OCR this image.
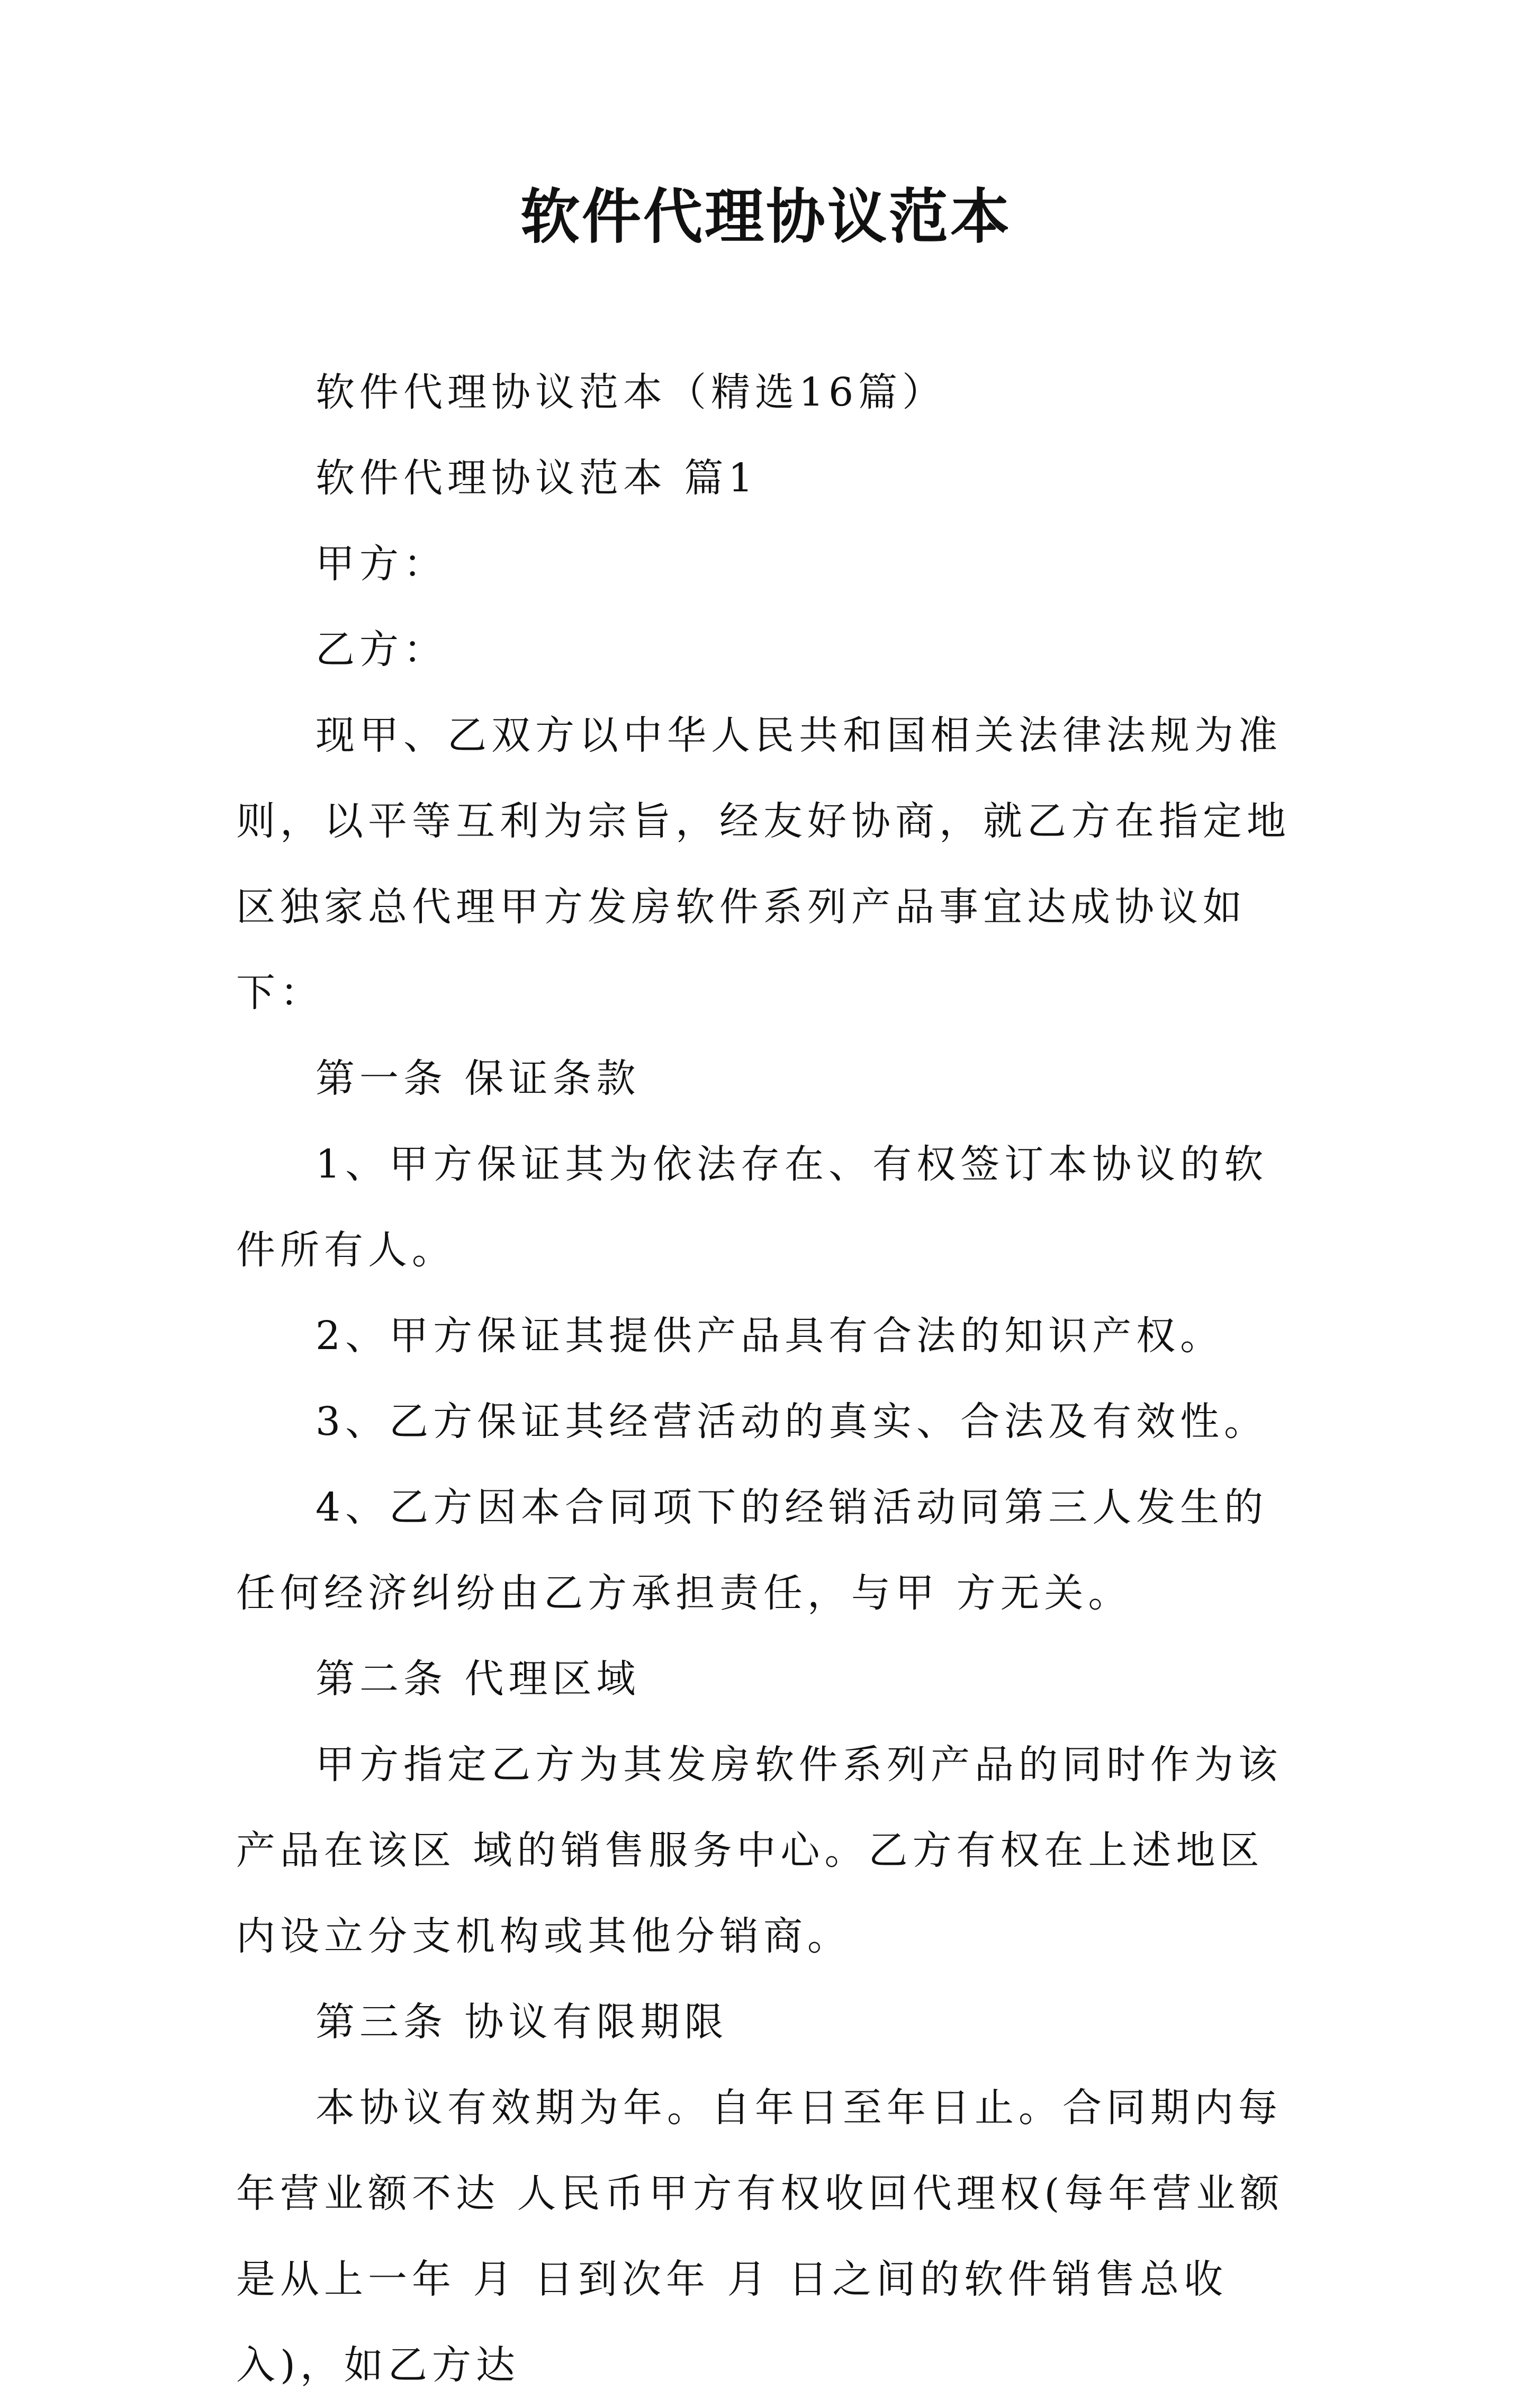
软件代理协议范本

软件代理协议范本（精选16篇）

软件代理协议范本 篇1

甲方：

乙方：

现甲、乙双方以中华人民共和国相关法律法规为准则，以平等互利为宗旨，经友好协商，就乙方在指定地区独家总代理甲方发房软件系列产品事宜达成协议如下：

第一条 保证条款

1、甲方保证其为依法存在、有权签订本协议的软件所有人。

2、甲方保证其提供产品具有合法的知识产权。

3、乙方保证其经营活动的真实、合法及有效性。

4、乙方因本合同项下的经销活动同第三人发生的任何经济纠纷由乙方承担责任，与甲 方无关。

第二条 代理区域

甲方指定乙方为其发房软件系列产品的同时作为该产品在该区 域的销售服务中心。乙方有权在上述地区内设立分支机构或其他分销商。

第三条 协议有限期限

本协议有效期为年。自年日至年日止。合同期内每年营业额不达 人民币甲方有权收回代理权(每年营业额是从上一年 月 日到次年 月 日之间的软件销售总收入)，如乙方达
